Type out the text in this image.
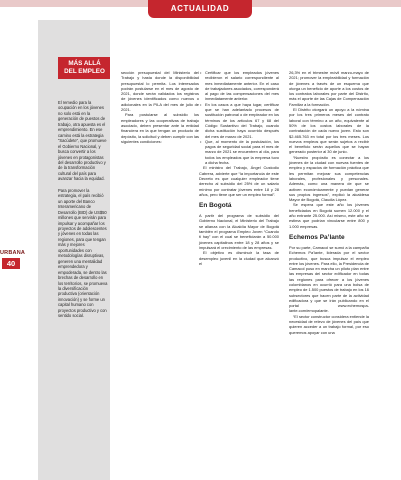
ACTUALIDAD
URBANA
40
MÁS ALLÁ
DEL EMPLEO

El remedio para la ocupación en los jóvenes no solo está en la generación de puestos de trabajo, otra apuesta es el emprendimiento. En ese camino está la estrategia “Sacúdete”, que promueve el Gobierno Nacional, y busca convertir a los jóvenes en protagonistas del desarrollo productivo y de la transformación cultural del país para avanzar hacia la equidad.

Para promover la estrategia, el país recibió un aporte del Banco Interamericano de Desarrollo (BID) de US$50 millones que servirán para impulsar y acompañar los proyectos de adolescentes y jóvenes en todas las regiones, para que tengan más y mejores oportunidades con metodologías disruptivas, generen una mentalidad emprendedora y empoderada, se dentro las brechas de desarrollo en los territorios, se promueva la diversificación productiva (orientación innovación) y se forme un capital humano con proyectos productivo y con sentido social.

sección presupuestal del Ministerio del Trabajo y hasta donde la disponibilidad presupuestal lo permita. Los interesados podrán postularse en el mes de agosto de 2021, donde serán validados los registros de jóvenes identificados como nuevos o adicionales en la PILA del mes de julio de 2021.

Para postularse al subsidio los empleadores y las cooperativas de trabajo asociado, deben presentar ante la entidad financiera en la que tengan un producto de depósito, la solicitud y deben cumplir con las siguientes condiciones:

• Certificar que los empleados jóvenes recibieron el salario correspondiente al mes inmediatamente anterior. En el caso de trabajadores asociados, corresponderá al pago de las compensaciones del mes inmediatamente anterior.
• En los casos a que haya lugar, certificar que se han adelantado procesos de sustitución patronal o de empleador en los términos de los artículos 67 y 68 del Código Sustantivo del Trabajo, cuando dicha sustitución haya ocurrido después del mes de marzo de 2021.
• Que, al momento de la postulación, los pagos de seguridad social para el mes de marzo de 2021 se encuentren al día, para todos los empleados que la empresa tuvo a dicha fecha.

El ministro del Trabajo, Ángel Custodio Cabrera, advierte que “la importancia de este Decreto es que cualquier empleador tiene derecho al subsidio del 25% de un salario mínimo por contratar jóvenes entre 18 y 28 años, pero tiene que ser un empleo formal”.

En Bogotá

A partir del programa de subsidio del Gobierno Nacional, el Ministerio del Trabajo se alianza con la Alcaldía Mayor de Bogotá también el programa Empleo Joven “Cuando ti hay” con el cual se beneficiarán a 50.000 jóvenes capitalinos entre 18 y 28 años y se impulsará el crecimiento de las empresas.

El objetivo es disminuir la tasa de desempleo juvenil en la ciudad que alcanzó el

26,3% en el trimestre móvil marzo-mayo de 2021; promover la empleabilidad y formación de jóvenes a través de un esquema que otorga un beneficio de aporte a los costos de los contratos laborales por parte del Distrito, más el aporte de las Cajas de Compensación Familiar a la formación.

El Distrito otorgará un apoyo a la nómina por los tres primeros meses del contrato laboral con término a un año, equivalente al 50% de los costos laborales de la contratación de cada nuevo joven. Esto son $2.465.763 en total por los tres meses. Los nuevos empleos que serán sujetos a recibir el beneficio serán aquellos que se hayan generado posterior al 30 de junio.

“Nuestro propósito es conectar a los jóvenes de la ciudad con nuevas fuentes de empleo y espacios de formación práctica que les permitan mejorar sus competencias laborales, profesionales y personales. Además, como una manera de que se activen económicamente y puedan generar sus propios ingresos”, explicó la alcaldesa Mayor de Bogotá, Claudia López.

Se espera que este año los jóvenes beneficiados en Bogotá sumen 12.000 y el año entrante 25.000. Así mismo, este año se estima que podrían vincularse entre 800 y 1.000 empresas.

Echemos Pa’lante

Por su parte, Camacol se sumó a la campaña Echemos Pa’lante, liderada por el sector productivo, que busca impulsar el empleo entre los jóvenes. Para ello, la Presidencia de Camacol puso en marcha un piloto plan entre las empresas del sector edificador en todas las regiones para ofrecer a los jóvenes colombianos en ocurrió para una bolsa de empleo de 1.500 puestos de trabajo en los 16 subsectores que hacen parte de la actividad edificadora y que se irán publicando en el portal www.echemospa-lante.com/emopalante.

“El sector constructor considera entiende la necesidad de relevo de jóvenes del país que quieren acceder a un trabajo formal, por eso queremos apoyar con una
